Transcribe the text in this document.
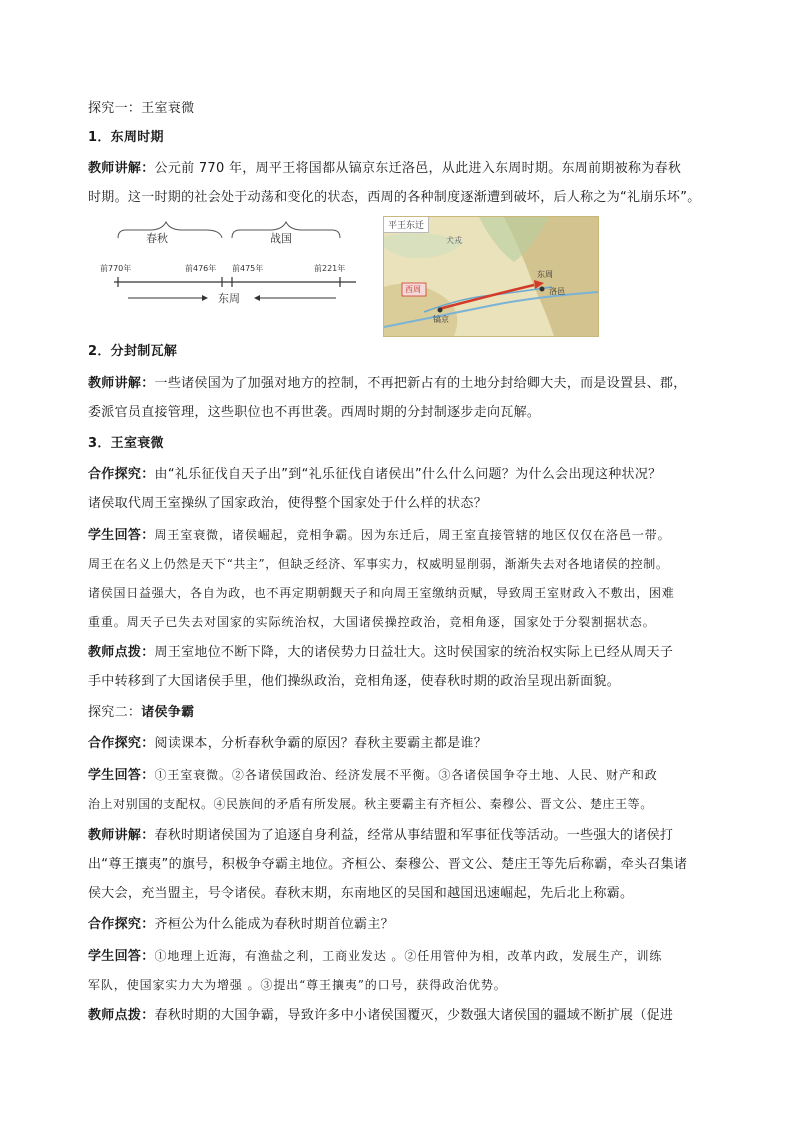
探究一：王室衰微
1．东周时期
教师讲解：公元前 770 年，周平王将国都从镐京东迁洛邑，从此进入东周时期。东周前期被称为春秋
时期。这一时期的社会处于动荡和变化的状态，西周的各种制度逐渐遭到破坏，后人称之为“礼崩乐坏”。
春秋	战国
前770年	前476年 前475年	前221年
东周
平王东迁
犬戎
西周
东周
镐京
洛邑
2．分封制瓦解
教师讲解：一些诸侯国为了加强对地方的控制，不再把新占有的土地分封给卿大夫，而是设置县、郡，
委派官员直接管理，这些职位也不再世袭。西周时期的分封制逐步走向瓦解。
3．王室衰微
合作探究：由“礼乐征伐自天子出”到“礼乐征伐自诸侯出”什么什么问题？为什么会出现这种状况？
诸侯取代周王室操纵了国家政治，使得整个国家处于什么样的状态？
学生回答：周王室衰微，诸侯崛起，竞相争霸。因为东迁后，周王室直接管辖的地区仅仅在洛邑一带。
周王在名义上仍然是天下“共主”，但缺乏经济、军事实力，权威明显削弱，渐渐失去对各地诸侯的控制。
诸侯国日益强大，各自为政，也不再定期朝觐天子和向周王室缴纳贡赋，导致周王室财政入不敷出，困难
重重。周天子已失去对国家的实际统治权，大国诸侯操控政治，竞相角逐，国家处于分裂割据状态。
教师点拨：周王室地位不断下降，大的诸侯势力日益壮大。这时侯国家的统治权实际上已经从周天子
手中转移到了大国诸侯手里，他们操纵政治，竞相角逐，使春秋时期的政治呈现出新面貌。
探究二：诸侯争霸
合作探究：阅读课本，分析春秋争霸的原因？春秋主要霸主都是谁？
学生回答：①王室衰微。②各诸侯国政治、经济发展不平衡。③各诸侯国争夺土地、人民、财产和政
治上对别国的支配权。④民族间的矛盾有所发展。秋主要霸主有齐桓公、秦穆公、晋文公、楚庄王等。
教师讲解：春秋时期诸侯国为了追逐自身利益，经常从事结盟和军事征伐等活动。一些强大的诸侯打
出“尊王攘夷”的旗号，积极争夺霸主地位。齐桓公、秦穆公、晋文公、楚庄王等先后称霸，牵头召集诸
侯大会，充当盟主，号令诸侯。春秋末期，东南地区的吴国和越国迅速崛起，先后北上称霸。
合作探究：齐桓公为什么能成为春秋时期首位霸主？
学生回答：①地理上近海，有渔盐之利，工商业发达 。②任用管仲为相，改革内政，发展生产，训练
军队，使国家实力大为增强 。③提出“尊王攘夷”的口号，获得政治优势。
教师点拨：春秋时期的大国争霸，导致许多中小诸侯国覆灭，少数强大诸侯国的疆域不断扩展（促进
